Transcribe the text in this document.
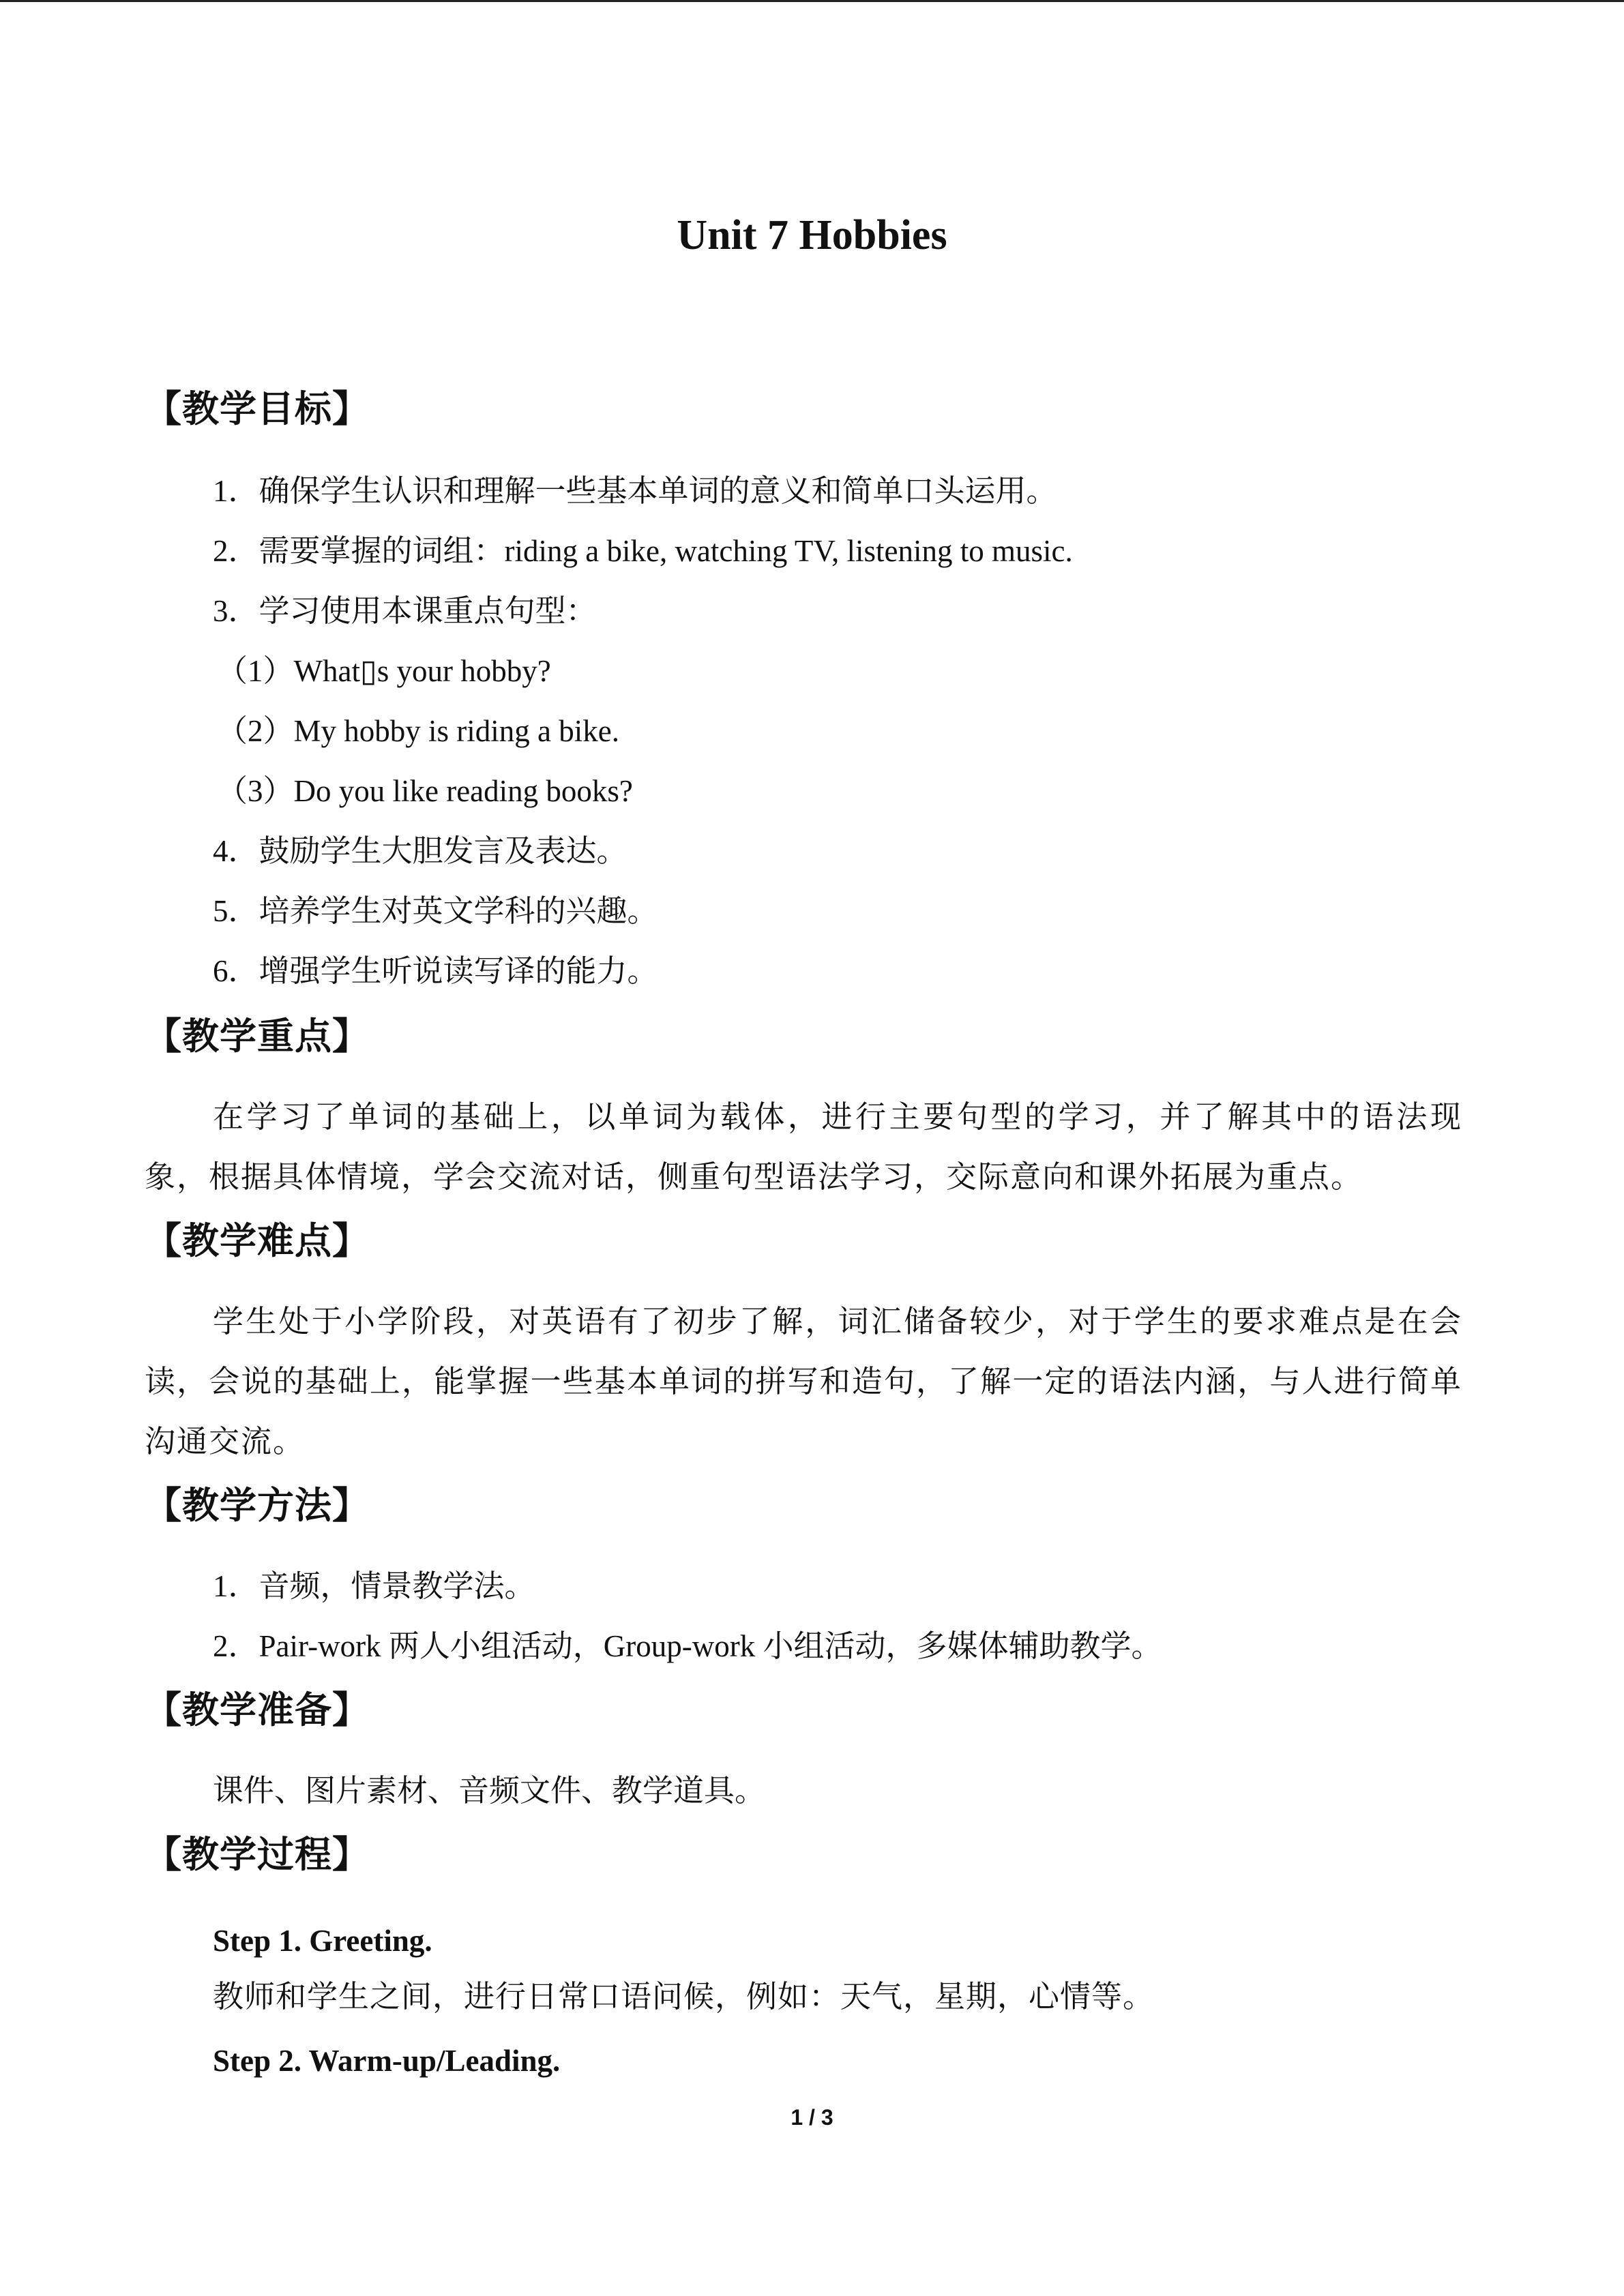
Unit 7 Hobbies
【教学目标】
1．确保学生认识和理解一些基本单词的意义和简单口头运用。
2．需要掌握的词组：riding a bike, watching TV, listening to music.
3．学习使用本课重点句型：
（1）What▯s your hobby?
（2）My hobby is riding a bike.
（3）Do you like reading books?
4．鼓励学生大胆发言及表达。
5．培养学生对英文学科的兴趣。
6．增强学生听说读写译的能力。
【教学重点】
在学习了单词的基础上，以单词为载体，进行主要句型的学习，并了解其中的语法现象，根据具体情境，学会交流对话，侧重句型语法学习，交际意向和课外拓展为重点。
【教学难点】
学生处于小学阶段，对英语有了初步了解，词汇储备较少，对于学生的要求难点是在会读，会说的基础上，能掌握一些基本单词的拼写和造句，了解一定的语法内涵，与人进行简单沟通交流。
【教学方法】
1．音频，情景教学法。
2．Pair-work 两人小组活动，Group-work 小组活动，多媒体辅助教学。
【教学准备】
课件、图片素材、音频文件、教学道具。
【教学过程】
Step 1. Greeting.
教师和学生之间，进行日常口语问候，例如：天气，星期，心情等。
Step 2. Warm-up/Leading.
1 / 3
